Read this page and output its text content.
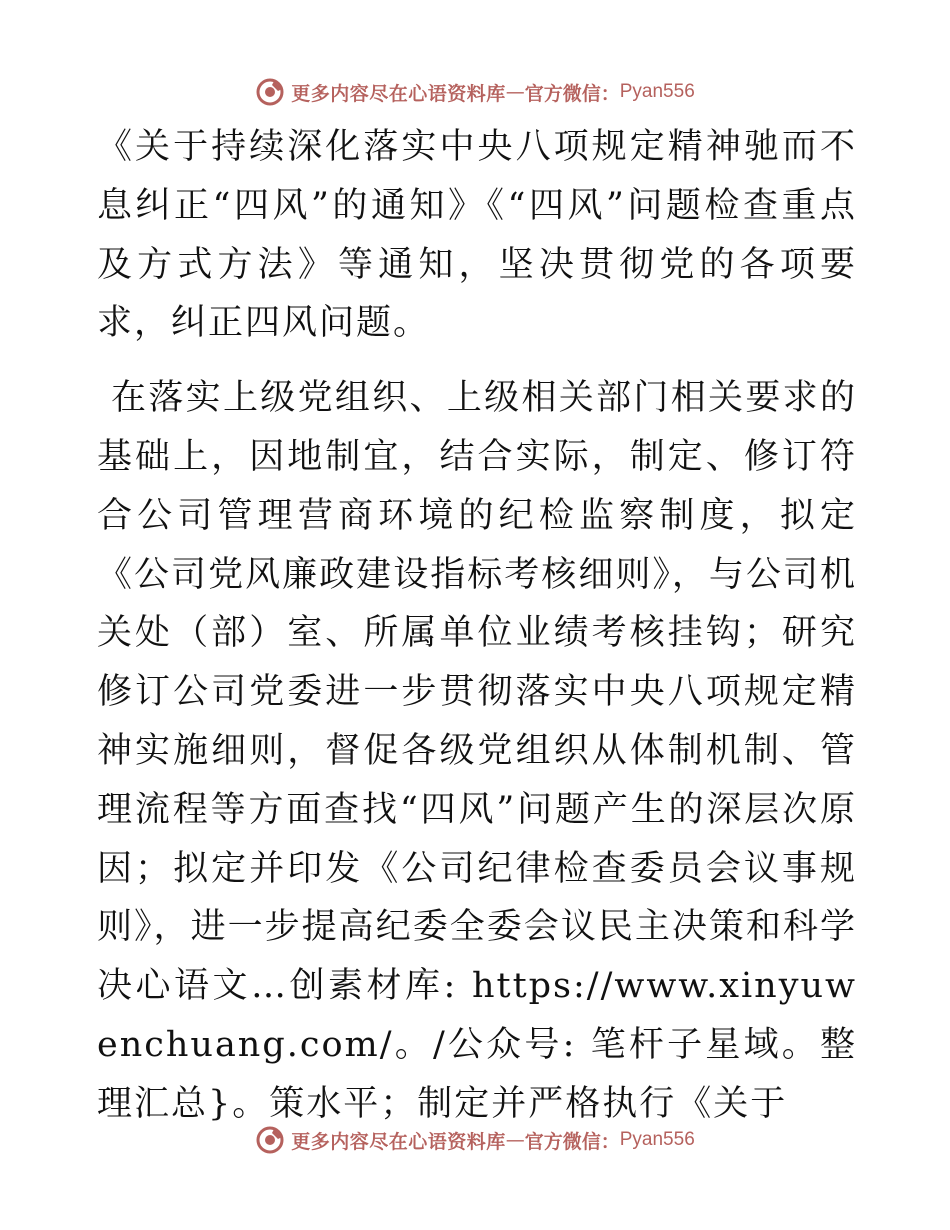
更多内容尽在心语资料库 — 官方微信： Pyan556

《关于持续深化落实中央八项规定精神驰而不息纠正“四风”的通知》《“四风”问题检查重点及方式方法》等通知，坚决贯彻党的各项要求，纠正四风问题。

在落实上级党组织、上级相关部门相关要求的基础上，因地制宜，结合实际，制定、修订符合公司管理营商环境的纪检监察制度，拟定《公司党风廉政建设指标考核细则》，与公司机关处（部）室、所属单位业绩考核挂钩；研究修订公司党委进一步贯彻落实中央八项规定精神实施细则，督促各级党组织从体制机制、管理流程等方面查找“四风”问题产生的深层次原因；拟定并印发《公司纪律检查委员会议事规则》，进一步提高纪委全委会议民主决策和科学决心语文…创素材库: https://www.xinyuwenchuang.com/。/公众号: 笔杆子星域。整理汇总}。策水平；制定并严格执行《关于

更多内容尽在心语资料库 — 官方微信： Pyan556
